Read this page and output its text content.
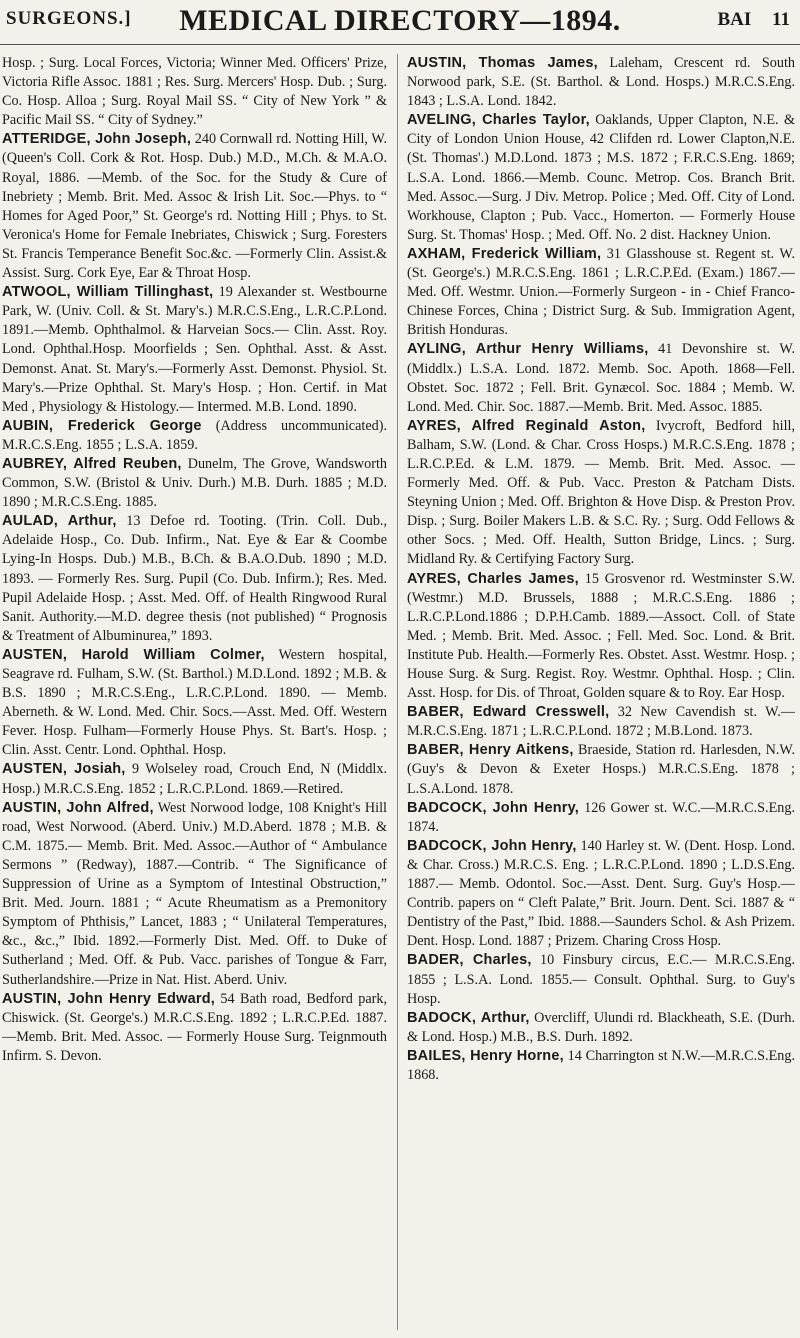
SURGEONS.]	MEDICAL DIRECTORY—1894.	BAI 11
Hosp. ; Surg. Local Forces, Victoria; Winner Med. Officers' Prize, Victoria Rifle Assoc. 1881 ; Res. Surg. Mercers' Hosp. Dub. ; Surg. Co. Hosp. Alloa ; Surg. Royal Mail SS. “ City of New York ” & Pacific Mail SS. “ City of Sydney.”
ATTERIDGE, John Joseph, 240 Cornwall rd. Notting Hill, W. (Queen's Coll. Cork & Rot. Hosp. Dub.) M.D., M.Ch. & M.A.O. Royal, 1886. —Memb. of the Soc. for the Study & Cure of Inebriety ; Memb. Brit. Med. Assoc & Irish Lit. Soc.—Phys. to “ Homes for Aged Poor,” St. George's rd. Notting Hill ; Phys. to St. Veronica's Home for Female Inebriates, Chiswick ; Surg. Foresters St. Francis Temperance Benefit Soc.&c. —Formerly Clin. Assist.& Assist. Surg. Cork Eye, Ear & Throat Hosp.
ATWOOL, William Tillinghast, 19 Alexander st. Westbourne Park, W. (Univ. Coll. & St. Mary's.) M.R.C.S.Eng., L.R.C.P.Lond. 1891.—Memb. Ophthalmol. & Harveian Socs.— Clin. Asst. Roy. Lond. Ophthal.Hosp. Moorfields ; Sen. Ophthal. Asst. & Asst. Demonst. Anat. St. Mary's.—Formerly Asst. Demonst. Physiol. St. Mary's.—Prize Ophthal. St. Mary's Hosp. ; Hon. Certif. in Mat Med , Physiology & Histology.— Intermed. M.B. Lond. 1890.
AUBIN, Frederick George (Address uncommunicated). M.R.C.S.Eng. 1855 ; L.S.A. 1859.
AUBREY, Alfred Reuben, Dunelm, The Grove, Wandsworth Common, S.W. (Bristol & Univ. Durh.) M.B. Durh. 1885 ; M.D. 1890 ; M.R.C.S.Eng. 1885.
AULAD, Arthur, 13 Defoe rd. Tooting. (Trin. Coll. Dub., Adelaide Hosp., Co. Dub. Infirm., Nat. Eye & Ear & Coombe Lying-In Hosps. Dub.) M.B., B.Ch. & B.A.O.Dub. 1890 ; M.D. 1893. — Formerly Res. Surg. Pupil (Co. Dub. Infirm.); Res. Med. Pupil Adelaide Hosp. ; Asst. Med. Off. of Health Ringwood Rural Sanit. Authority.—M.D. degree thesis (not published) “ Prognosis & Treatment of Albuminurea,” 1893.
AUSTEN, Harold William Colmer, Western hospital, Seagrave rd. Fulham, S.W. (St. Barthol.) M.D.Lond. 1892 ; M.B. & B.S. 1890 ; M.R.C.S.Eng., L.R.C.P.Lond. 1890. — Memb. Aberneth. & W. Lond. Med. Chir. Socs.—Asst. Med. Off. Western Fever. Hosp. Fulham—Formerly House Phys. St. Bart's. Hosp. ; Clin. Asst. Centr. Lond. Ophthal. Hosp.
AUSTEN, Josiah, 9 Wolseley road, Crouch End, N (Middlx. Hosp.) M.R.C.S.Eng. 1852 ; L.R.C.P.Lond. 1869.—Retired.
AUSTIN, John Alfred, West Norwood lodge, 108 Knight's Hill road, West Norwood. (Aberd. Univ.) M.D.Aberd. 1878 ; M.B. & C.M. 1875.— Memb. Brit. Med. Assoc.—Author of “ Ambulance Sermons ” (Redway), 1887.—Contrib. “ The Significance of Suppression of Urine as a Symptom of Intestinal Obstruction,” Brit. Med. Journ. 1881 ; “ Acute Rheumatism as a Premonitory Symptom of Phthisis,” Lancet, 1883 ; “ Unilateral Temperatures, &c., &c.,” Ibid. 1892.—Formerly Dist. Med. Off. to Duke of Sutherland ; Med. Off. & Pub. Vacc. parishes of Tongue & Farr, Sutherlandshire.—Prize in Nat. Hist. Aberd. Univ.
AUSTIN, John Henry Edward, 54 Bath road, Bedford park, Chiswick. (St. George's.) M.R.C.S.Eng. 1892 ; L.R.C.P.Ed. 1887.—Memb. Brit. Med. Assoc. — Formerly House Surg. Teignmouth Infirm. S. Devon.
AUSTIN, Thomas James, Laleham, Crescent rd. South Norwood park, S.E. (St. Barthol. & Lond. Hosps.) M.R.C.S.Eng. 1843 ; L.S.A. Lond. 1842.
AVELING, Charles Taylor, Oaklands, Upper Clapton, N.E. & City of London Union House, 42 Clifden rd. Lower Clapton,N.E. (St. Thomas'.) M.D.Lond. 1873 ; M.S. 1872 ; F.R.C.S.Eng. 1869; L.S.A. Lond. 1866.—Memb. Counc. Metrop. Cos. Branch Brit. Med. Assoc.—Surg. J Div. Metrop. Police ; Med. Off. City of Lond. Workhouse, Clapton ; Pub. Vacc., Homerton. — Formerly House Surg. St. Thomas' Hosp. ; Med. Off. No. 2 dist. Hackney Union.
AXHAM, Frederick William, 31 Glasshouse st. Regent st. W. (St. George's.) M.R.C.S.Eng. 1861 ; L.R.C.P.Ed. (Exam.) 1867.—Med. Off. Westmr. Union.—Formerly Surgeon - in - Chief Franco-Chinese Forces, China ; District Surg. & Sub. Immigration Agent, British Honduras.
AYLING, Arthur Henry Williams, 41 Devonshire st. W. (Middlx.) L.S.A. Lond. 1872. Memb. Soc. Apoth. 1868—Fell. Obstet. Soc. 1872 ; Fell. Brit. Gynæcol. Soc. 1884 ; Memb. W. Lond. Med. Chir. Soc. 1887.—Memb. Brit. Med. Assoc. 1885.
AYRES, Alfred Reginald Aston, Ivycroft, Bedford hill, Balham, S.W. (Lond. & Char. Cross Hosps.) M.R.C.S.Eng. 1878 ; L.R.C.P.Ed. & L.M. 1879. — Memb. Brit. Med. Assoc. — Formerly Med. Off. & Pub. Vacc. Preston & Patcham Dists. Steyning Union ; Med. Off. Brighton & Hove Disp. & Preston Prov. Disp. ; Surg. Boiler Makers L.B. & S.C. Ry. ; Surg. Odd Fellows & other Socs. ; Med. Off. Health, Sutton Bridge, Lincs. ; Surg. Midland Ry. & Certifying Factory Surg.
AYRES, Charles James, 15 Grosvenor rd. Westminster S.W. (Westmr.) M.D. Brussels, 1888 ; M.R.C.S.Eng. 1886 ; L.R.C.P.Lond.1886 ; D.P.H.Camb. 1889.—Assoct. Coll. of State Med. ; Memb. Brit. Med. Assoc. ; Fell. Med. Soc. Lond. & Brit. Institute Pub. Health.—Formerly Res. Obstet. Asst. Westmr. Hosp. ; House Surg. & Surg. Regist. Roy. Westmr. Ophthal. Hosp. ; Clin. Asst. Hosp. for Dis. of Throat, Golden square & to Roy. Ear Hosp.
BABER, Edward Cresswell, 32 New Cavendish st. W.—M.R.C.S.Eng. 1871 ; L.R.C.P.Lond. 1872 ; M.B.Lond. 1873.
BABER, Henry Aitkens, Braeside, Station rd. Harlesden, N.W. (Guy's & Devon & Exeter Hosps.) M.R.C.S.Eng. 1878 ; L.S.A.Lond. 1878.
BADCOCK, John Henry, 126 Gower st. W.C.—M.R.C.S.Eng. 1874.
BADCOCK, John Henry, 140 Harley st. W. (Dent. Hosp. Lond. & Char. Cross.) M.R.C.S. Eng. ; L.R.C.P.Lond. 1890 ; L.D.S.Eng. 1887.— Memb. Odontol. Soc.—Asst. Dent. Surg. Guy's Hosp.—Contrib. papers on “ Cleft Palate,” Brit. Journ. Dent. Sci. 1887 & “ Dentistry of the Past,” Ibid. 1888.—Saunders Schol. & Ash Prizem. Dent. Hosp. Lond. 1887 ; Prizem. Charing Cross Hosp.
BADER, Charles, 10 Finsbury circus, E.C.— M.R.C.S.Eng. 1855 ; L.S.A. Lond. 1855.— Consult. Ophthal. Surg. to Guy's Hosp.
BADOCK, Arthur, Overcliff, Ulundi rd. Blackheath, S.E. (Durh. & Lond. Hosp.) M.B., B.S. Durh. 1892.
BAILES, Henry Horne, 14 Charrington st N.W.—M.R.C.S.Eng. 1868.
